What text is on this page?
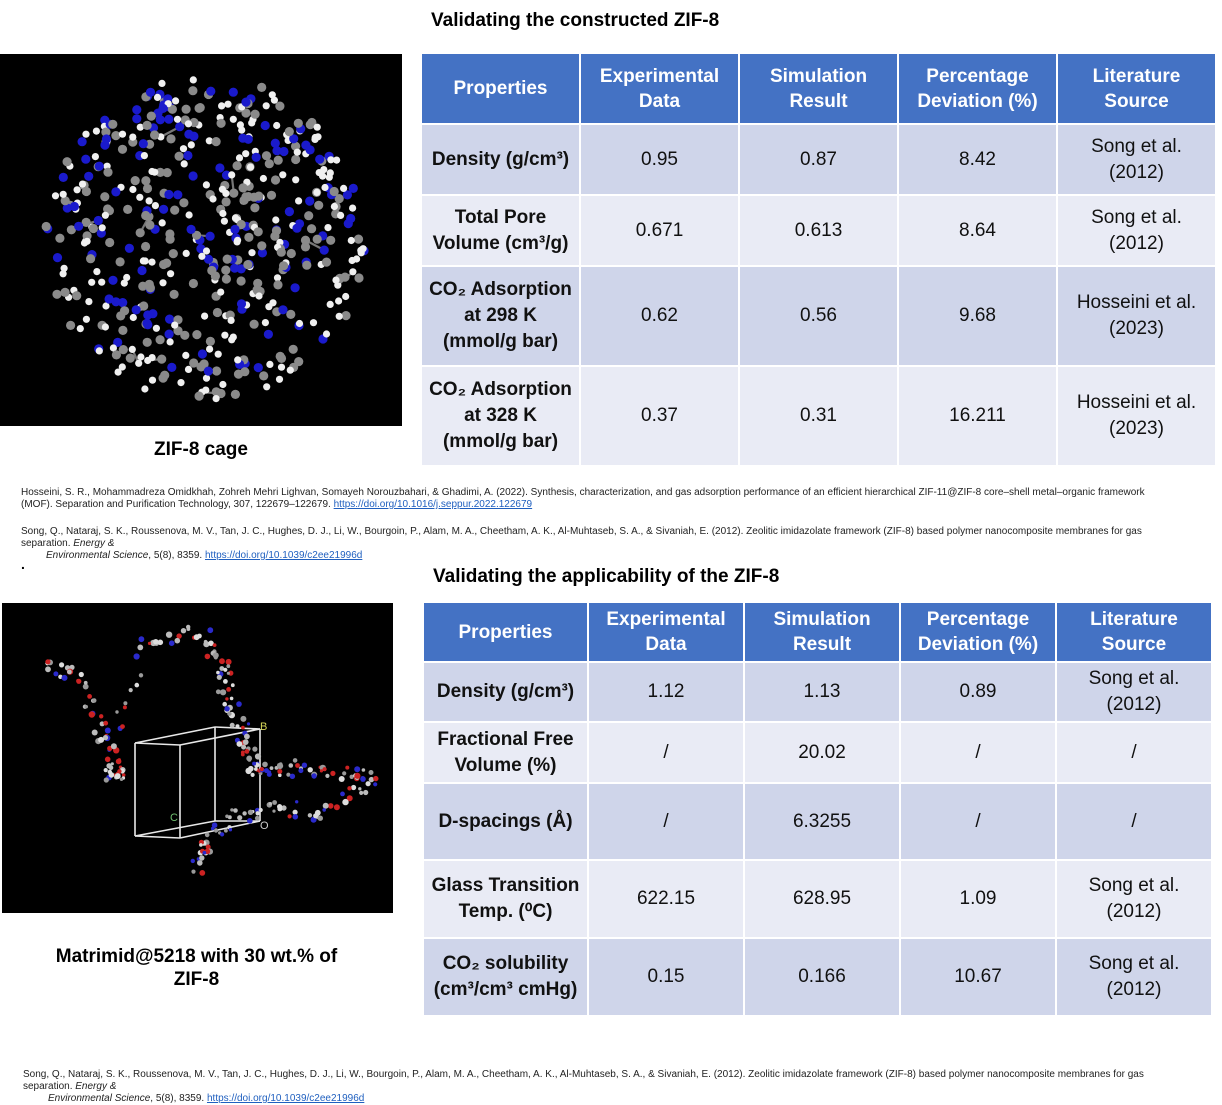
Validating the constructed ZIF-8
ZIF-8 cage
Properties	Experimental Data	Simulation Result	Percentage Deviation (%)	Literature Source
Density (g/cm³)	0.95	0.87	8.42	Song et al. (2012)
Total Pore Volume (cm³/g)	0.671	0.613	8.64	Song et al. (2012)
CO₂ Adsorption at 298 K (mmol/g bar)	0.62	0.56	9.68	Hosseini et al. (2023)
CO₂ Adsorption at 328 K (mmol/g bar)	0.37	0.31	16.211	Hosseini et al. (2023)
Hosseini, S. R., Mohammadreza Omidkhah, Zohreh Mehri Lighvan, Somayeh Norouzbahari, & Ghadimi, A. (2022). Synthesis, characterization, and gas adsorption performance of an efficient hierarchical ZIF-11@ZIF-8 core–shell metal–organic framework (MOF). Separation and Purification Technology, 307, 122679–122679. https://doi.org/10.1016/j.seppur.2022.122679
Song, Q., Nataraj, S. K., Roussenova, M. V., Tan, J. C., Hughes, D. J., Li, W., Bourgoin, P., Alam, M. A., Cheetham, A. K., Al-Muhtaseb, S. A., & Sivaniah, E. (2012). Zeolitic imidazolate framework (ZIF-8) based polymer nanocomposite membranes for gas separation. Energy &
Environmental Science, 5(8), 8359. https://doi.org/10.1039/c2ee21996d
.
Validating the applicability of the ZIF-8
B
C
O
Matrimid@5218 with 30 wt.% of ZIF-8
Properties	Experimental Data	Simulation Result	Percentage Deviation (%)	Literature Source
Density (g/cm³)	1.12	1.13	0.89	Song et al. (2012)
Fractional Free Volume (%)	/	20.02	/	/
D-spacings (Å)	/	6.3255	/	/
Glass Transition Temp. (⁰C)	622.15	628.95	1.09	Song et al. (2012)
CO₂ solubility (cm³/cm³ cmHg)	0.15	0.166	10.67	Song et al. (2012)
Song, Q., Nataraj, S. K., Roussenova, M. V., Tan, J. C., Hughes, D. J., Li, W., Bourgoin, P., Alam, M. A., Cheetham, A. K., Al-Muhtaseb, S. A., & Sivaniah, E. (2012). Zeolitic imidazolate framework (ZIF-8) based polymer nanocomposite membranes for gas separation. Energy &
Environmental Science, 5(8), 8359. https://doi.org/10.1039/c2ee21996d
